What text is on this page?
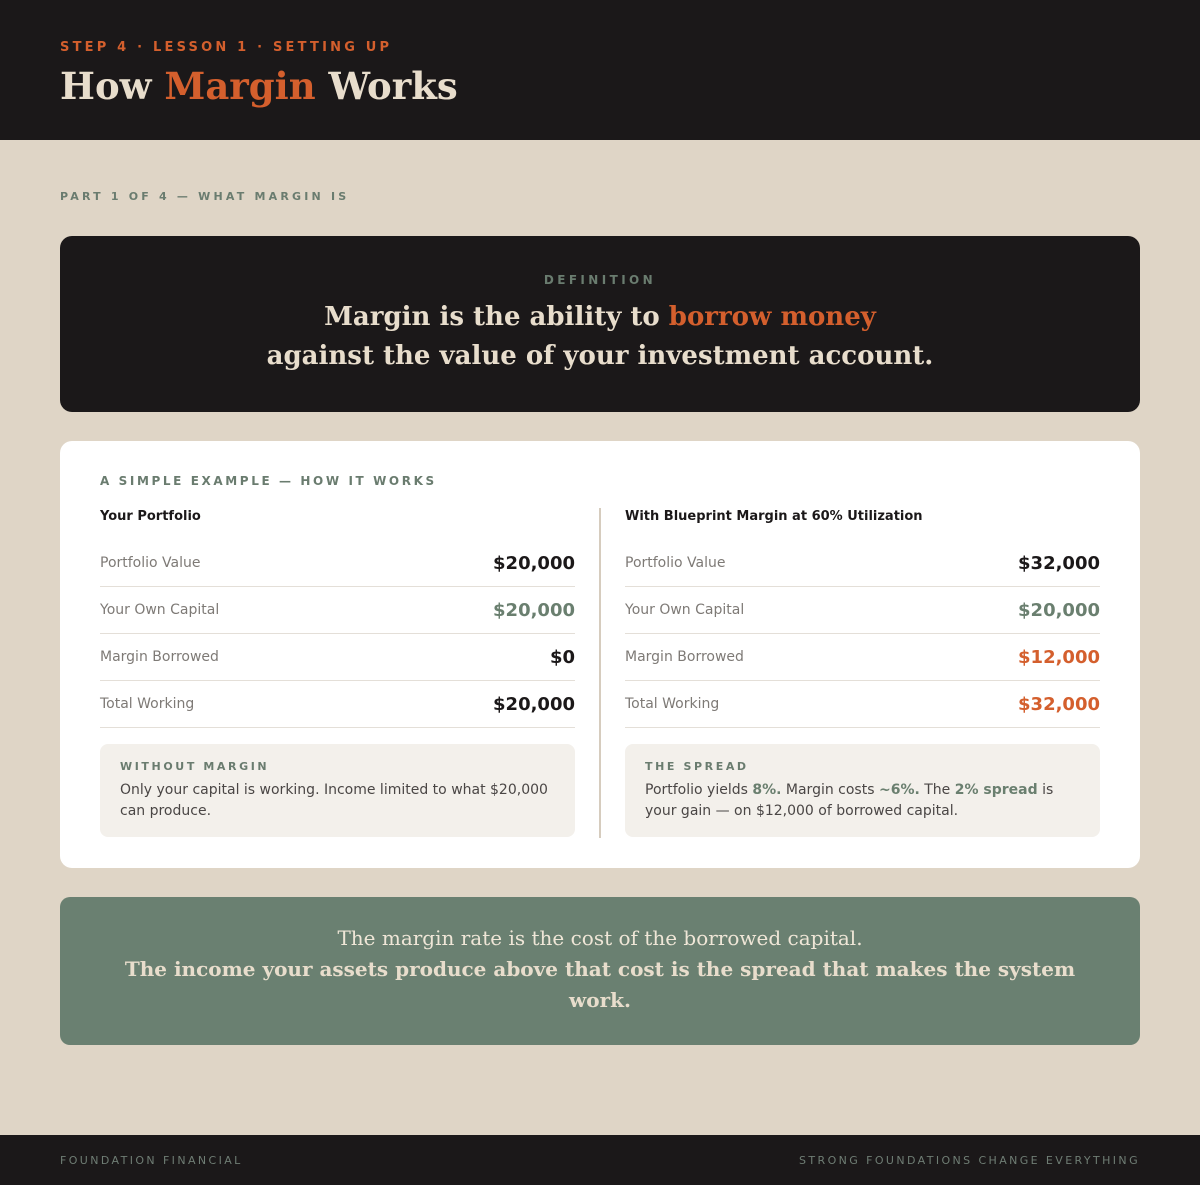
STEP 4 · LESSON 1 · SETTING UP
How Margin Works
PART 1 OF 4 — WHAT MARGIN IS
DEFINITION
Margin is the ability to borrow money
against the value of your investment account.
A SIMPLE EXAMPLE — HOW IT WORKS
Your Portfolio
Portfolio Value	$20,000
Your Own Capital	$20,000
Margin Borrowed	$0
Total Working	$20,000
WITHOUT MARGIN
Only your capital is working. Income limited to what $20,000 can produce.
With Blueprint Margin at 60% Utilization
Portfolio Value	$32,000
Your Own Capital	$20,000
Margin Borrowed	$12,000
Total Working	$32,000
THE SPREAD
Portfolio yields 8%. Margin costs ~6%. The 2% spread is your gain — on $12,000 of borrowed capital.
The margin rate is the cost of the borrowed capital.
The income your assets produce above that cost is the spread that makes the system work.
FOUNDATION FINANCIAL	STRONG FOUNDATIONS CHANGE EVERYTHING
